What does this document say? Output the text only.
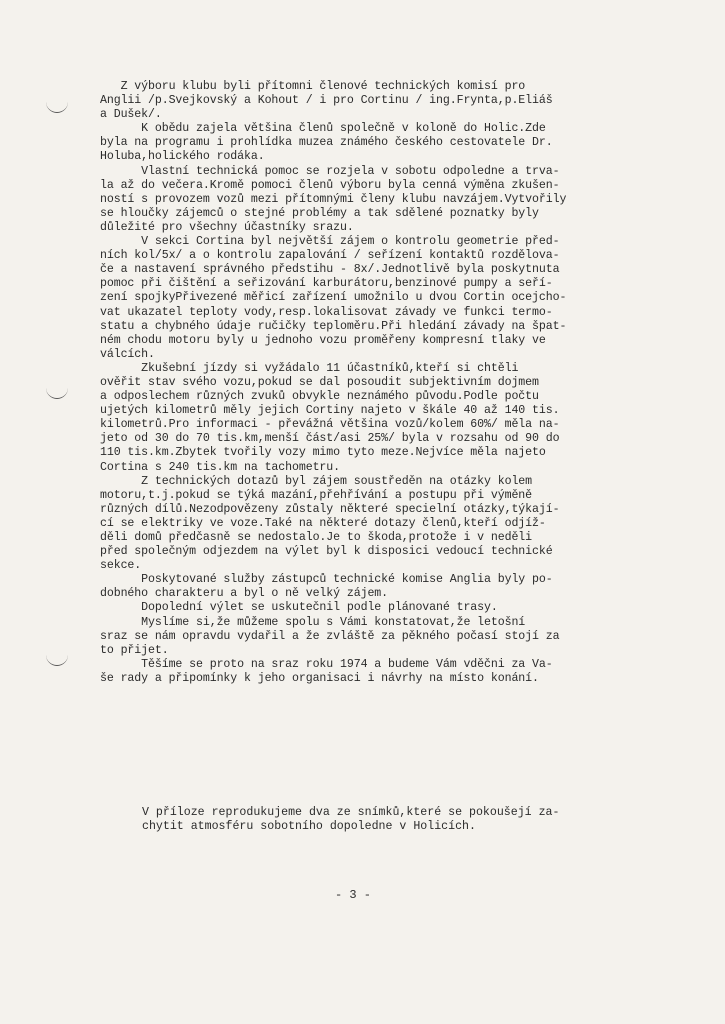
Z výboru klubu byli přítomni členové technických komisí pro
Anglii /p.Svejkovský a Kohout / i pro Cortinu / ing.Frynta,p.Eliáš
a Dušek/.
K obědu zajela většina členů společně v koloně do Holic.Zde
byla na programu i prohlídka muzea známého českého cestovatele Dr.
Holuba,holického rodáka.
Vlastní technická pomoc se rozjela v sobotu odpoledne a trva-
la až do večera.Kromě pomoci členů výboru byla cenná výměna zkušen-
ností s provozem vozů mezi přítomnými členy klubu navzájem.Vytvořily
se hloučky zájemců o stejné problémy a tak sdělené poznatky byly
důležité pro všechny účastníky srazu.
V sekci Cortina byl největší zájem o kontrolu geometrie před-
ních kol/5x/ a o kontrolu zapalování / seřízení kontaktů rozdělova-
če a nastavení správného předstihu - 8x/.Jednotlivě byla poskytnuta
pomoc při čištění a seřizování karburátoru,benzinové pumpy a seří-
zení spojkyPřivezené měřicí zařízení umožnilo u dvou Cortin ocejcho-
vat ukazatel teploty vody,resp.lokalisovat závady ve funkci termo-
statu a chybného údaje ručičky teploměru.Při hledání závady na špat-
ném chodu motoru byly u jednoho vozu proměřeny kompresní tlaky ve
válcích.
Zkušební jízdy si vyžádalo 11 účastníků,kteří si chtěli
ověřit stav svého vozu,pokud se dal posoudit subjektivním dojmem
a odposlechem různých zvuků obvykle neznámého původu.Podle počtu
ujetých kilometrů měly jejich Cortiny najeto v škále 40 až 140 tis.
kilometrů.Pro informaci - převážná většina vozů/kolem 60%/ měla na-
jeto od 30 do 70 tis.km,menší část/asi 25%/ byla v rozsahu od 90 do
110 tis.km.Zbytek tvořily vozy mimo tyto meze.Nejvíce měla najeto
Cortina s 240 tis.km na tachometru.
Z technických dotazů byl zájem soustředěn na otázky kolem
motoru,t.j.pokud se týká mazání,přehřívání a postupu při výměně
různých dílů.Nezodpovězeny zůstaly některé specielní otázky,týkají-
cí se elektriky ve voze.Také na některé dotazy členů,kteří odjíž-
děli domů předčasně se nedostalo.Je to škoda,protože i v neděli
před společným odjezdem na výlet byl k disposici vedoucí technické
sekce.
Poskytované služby zástupců technické komise Anglia byly po-
dobného charakteru a byl o ně velký zájem.
Dopolední výlet se uskutečnil podle plánované trasy.
Myslíme si,že můžeme spolu s Vámi konstatovat,že letošní
sraz se nám opravdu vydařil a že zvláště za pěkného počasí stojí za
to přijet.
Těšíme se proto na sraz roku 1974 a budeme Vám vděčni za Va-
še rady a připomínky k jeho organisaci i návrhy na místo konání.
V příloze reprodukujeme dva ze snímků,které se pokoušejí za-
chytit atmosféru sobotního dopoledne v Holicích.
- 3 -
